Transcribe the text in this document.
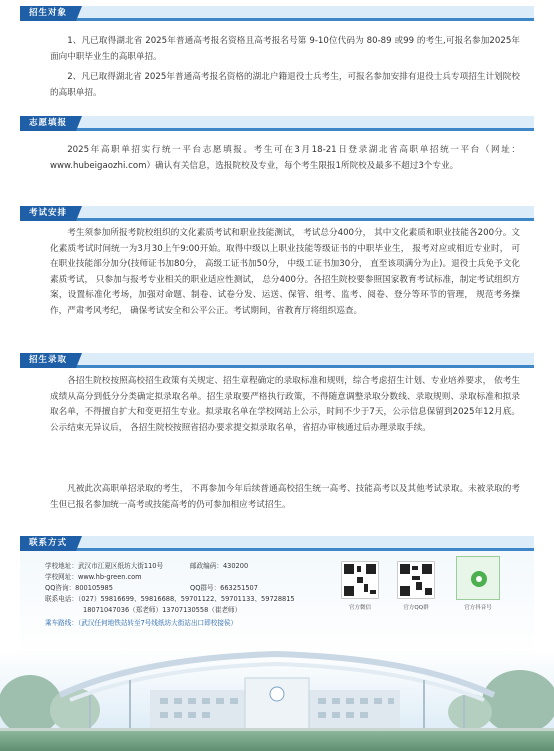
招生对象
1、凡已取得湖北省 2025年普通高考报名资格且高考报名号第 9-10位代码为 80-89 或99 的考生,可报名参加2025年面向中职毕业生的高职单招。
2、凡已取得湖北省 2025年普通高考报名资格的湖北户籍退役士兵考生，可报名参加安排有退役士兵专项招生计划院校的高职单招。
志愿填报
2025年高职单招实行统一平台志愿填报。考生可在3月18-21日登录湖北省高职单招统一平台（网址：www.hubeigaozhi.com）确认有关信息，选报院校及专业，每个考生限报1所院校及最多不超过3个专业。
考试安排
考生须参加所报考院校组织的文化素质考试和职业技能测试， 考试总分400分， 其中文化素质和职业技能各200分。文化素质考试时间统一为3月30上午9:00开始。取得中级以上职业技能等级证书的中职毕业生， 报考对应或相近专业时， 可在职业技能部分加分(技师证书加80分， 高级工证书加50分， 中级工证书加30分， 直至该项满分为止)。退役士兵免予文化素质考试， 只参加与报考专业相关的职业适应性测试， 总分400分。各招生院校要参照国家教育考试标准，制定考试组织方案，设置标准化考场，加强对命题、制卷、试卷分发、运送、保管、组考、监考、阅卷、登分等环节的管理， 规范考务操作，严肃考风考纪， 确保考试安全和公平公正。考试期间，省教育厅将组织巡查。
招生录取
各招生院校按照高校招生政策有关规定、招生章程确定的录取标准和规则，综合考虑招生计划、专业培养要求， 依考生成绩从高分到低分分类确定拟录取名单。招生录取要严格执行政策，不得随意调整录取分数线、录取规则、录取标准和拟录取名单，不得擅自扩大和变更招生专业。拟录取名单在学校网站上公示，时间不少于7天，公示信息保留到2025年12月底。公示结束无异议后， 各招生院校按照省招办要求提交拟录取名单，省招办审核通过后办理录取手续。
凡被此次高职单招录取的考生， 不再参加今年后续普通高校招生统一高考、技能高考以及其他考试录取。未被录取的考生但已报名参加统一高考或技能高考的仍可参加相应考试招生。
联系方式
学校地址：武汉市江夏区纸坊大街110号	邮政编码：430200
学校网址：www.hb-green.com
QQ咨询：800105985	QQ群号：663251507
联系电话：（027）59816699、59816688、59701122、59701133、59728815
18071047036（郑老师）13707130558（崔老师）
乘车路线：（武汉任何地铁站转至7号线纸坊大街站出口即校接侯）
官方微信	官方QQ群	官方抖音号
